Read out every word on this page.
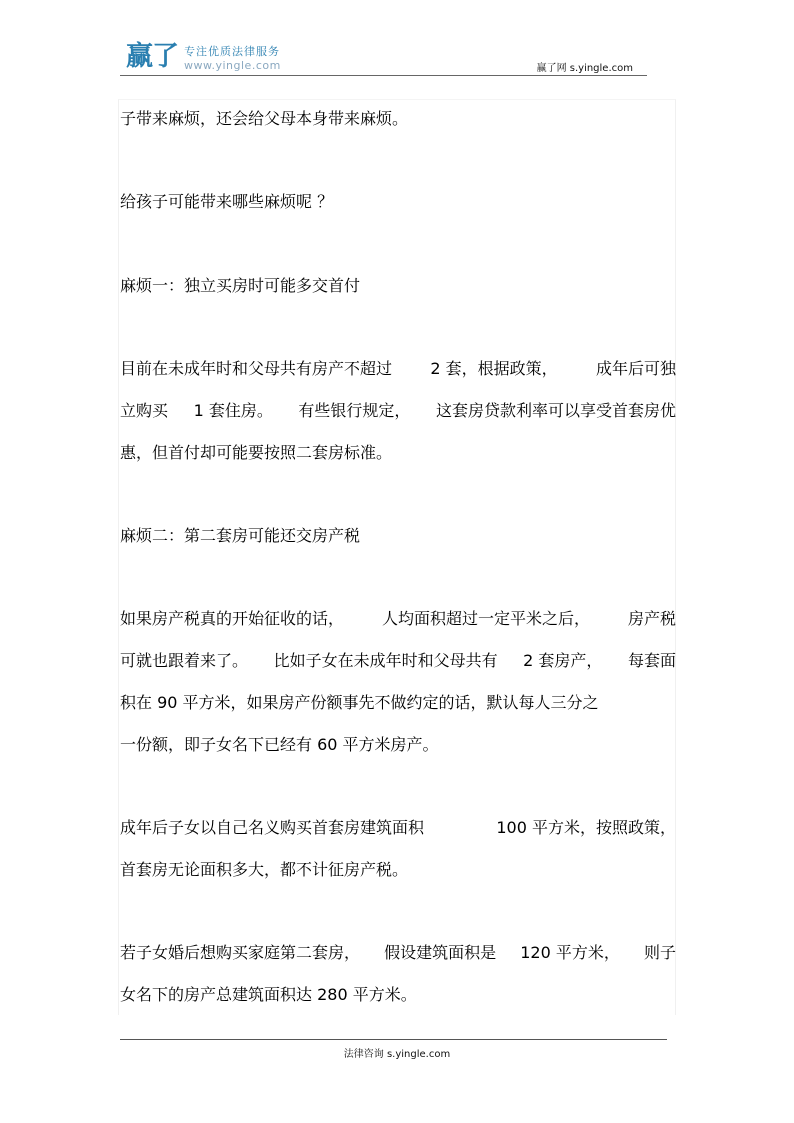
赢了 专注优质法律服务
www.yingle.com	赢了网 s.yingle.com
子带来麻烦，还会给父母本身带来麻烦。
给孩子可能带来哪些麻烦呢 ？
麻烦一：独立买房时可能多交首付
目前在未成年时和父母共有房产不超过 2 套，根据政策， 成年后可独
立购买 1 套住房。 有些银行规定， 这套房贷款利率可以享受首套房优
惠，但首付却可能要按照二套房标准。
麻烦二：第二套房可能还交房产税
如果房产税真的开始征收的话， 人均面积超过一定平米之后， 房产税
可就也跟着来了。 比如子女在未成年时和父母共有 2 套房产， 每套面
积在 90 平方米，如果房产份额事先不做约定的话，默认每人三分之
一份额，即子女名下已经有 60 平方米房产。
成年后子女以自己名义购买首套房建筑面积	100 平方米，按照政策，
首套房无论面积多大，都不计征房产税。
若子女婚后想购买家庭第二套房， 假设建筑面积是 120 平方米， 则子
女名下的房产总建筑面积达 280 平方米。
法律咨询 s.yingle.com
